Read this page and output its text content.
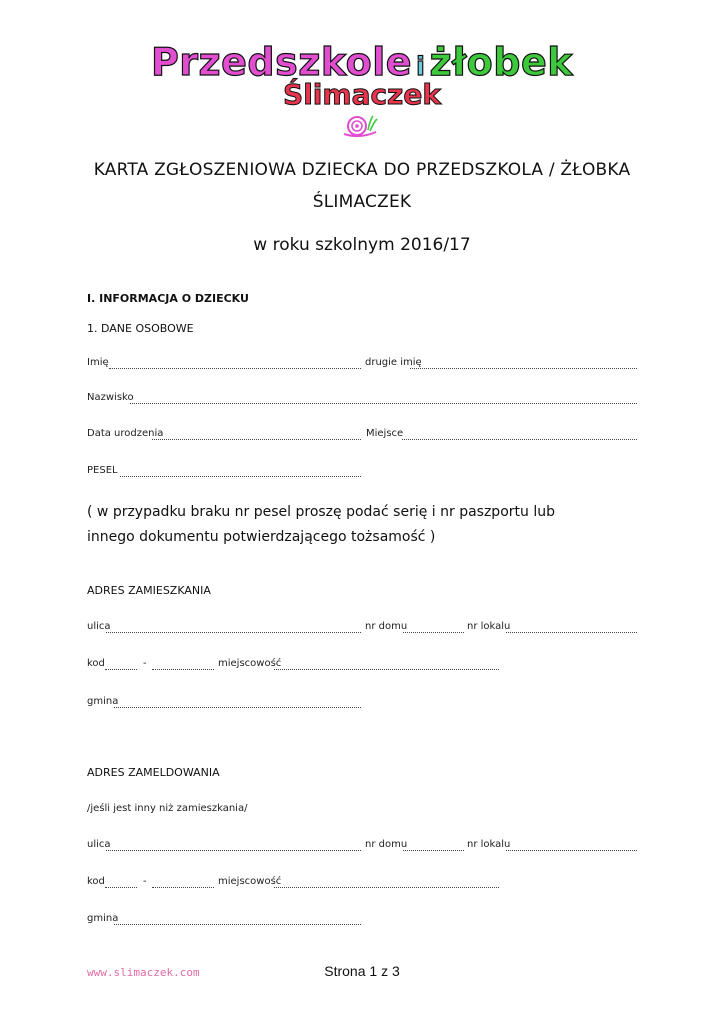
Przedszkole i żłobek
Ślimaczek
KARTA ZGŁOSZENIOWA DZIECKA DO PRZEDSZKOLA / ŻŁOBKA
ŚLIMACZEK
w roku szkolnym 2016/17
I. INFORMACJA O DZIECKU
1. DANE OSOBOWE
Imię	drugie imię
Nazwisko
Data urodzenia	Miejsce
PESEL
( w przypadku braku nr pesel proszę podać serię i nr paszportu lub innego dokumentu potwierdzającego tożsamość )
ADRES ZAMIESZKANIA
ulica	nr domu	nr lokalu
kod	-	miejscowość
gmina
ADRES ZAMELDOWANIA
/jeśli jest inny niż zamieszkania/
ulica	nr domu	nr lokalu
kod	-	miejscowość
gmina
www.slimaczek.com	Strona 1 z 3
